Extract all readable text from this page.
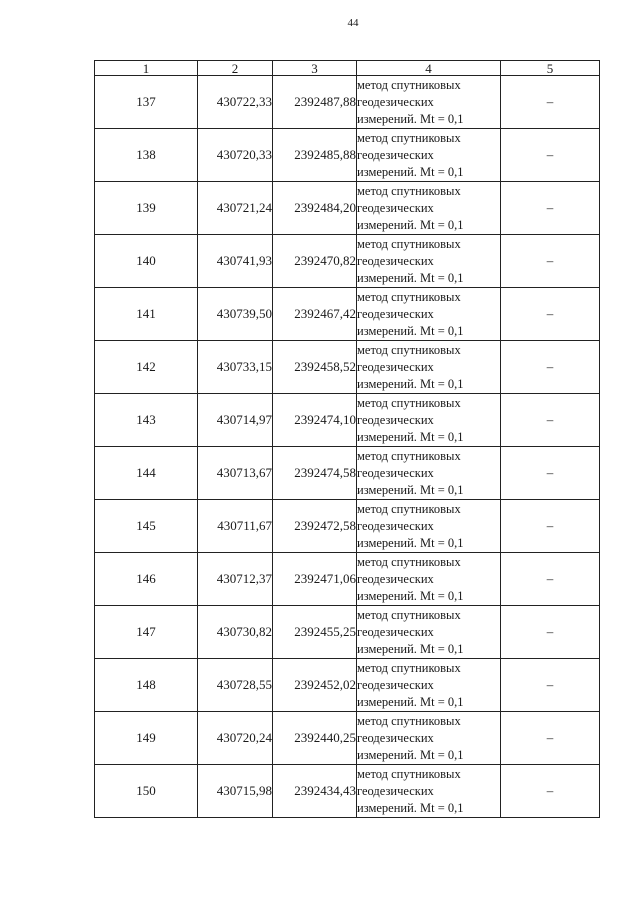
44
1	2	3	4	5
137	430722,33	2392487,88	метод спутниковых
геодезических
измерений. Mt = 0,1	–
138	430720,33	2392485,88	метод спутниковых
геодезических
измерений. Mt = 0,1	–
139	430721,24	2392484,20	метод спутниковых
геодезических
измерений. Mt = 0,1	–
140	430741,93	2392470,82	метод спутниковых
геодезических
измерений. Mt = 0,1	–
141	430739,50	2392467,42	метод спутниковых
геодезических
измерений. Mt = 0,1	–
142	430733,15	2392458,52	метод спутниковых
геодезических
измерений. Mt = 0,1	–
143	430714,97	2392474,10	метод спутниковых
геодезических
измерений. Mt = 0,1	–
144	430713,67	2392474,58	метод спутниковых
геодезических
измерений. Mt = 0,1	–
145	430711,67	2392472,58	метод спутниковых
геодезических
измерений. Mt = 0,1	–
146	430712,37	2392471,06	метод спутниковых
геодезических
измерений. Mt = 0,1	–
147	430730,82	2392455,25	метод спутниковых
геодезических
измерений. Mt = 0,1	–
148	430728,55	2392452,02	метод спутниковых
геодезических
измерений. Mt = 0,1	–
149	430720,24	2392440,25	метод спутниковых
геодезических
измерений. Mt = 0,1	–
150	430715,98	2392434,43	метод спутниковых
геодезических
измерений. Mt = 0,1	–
